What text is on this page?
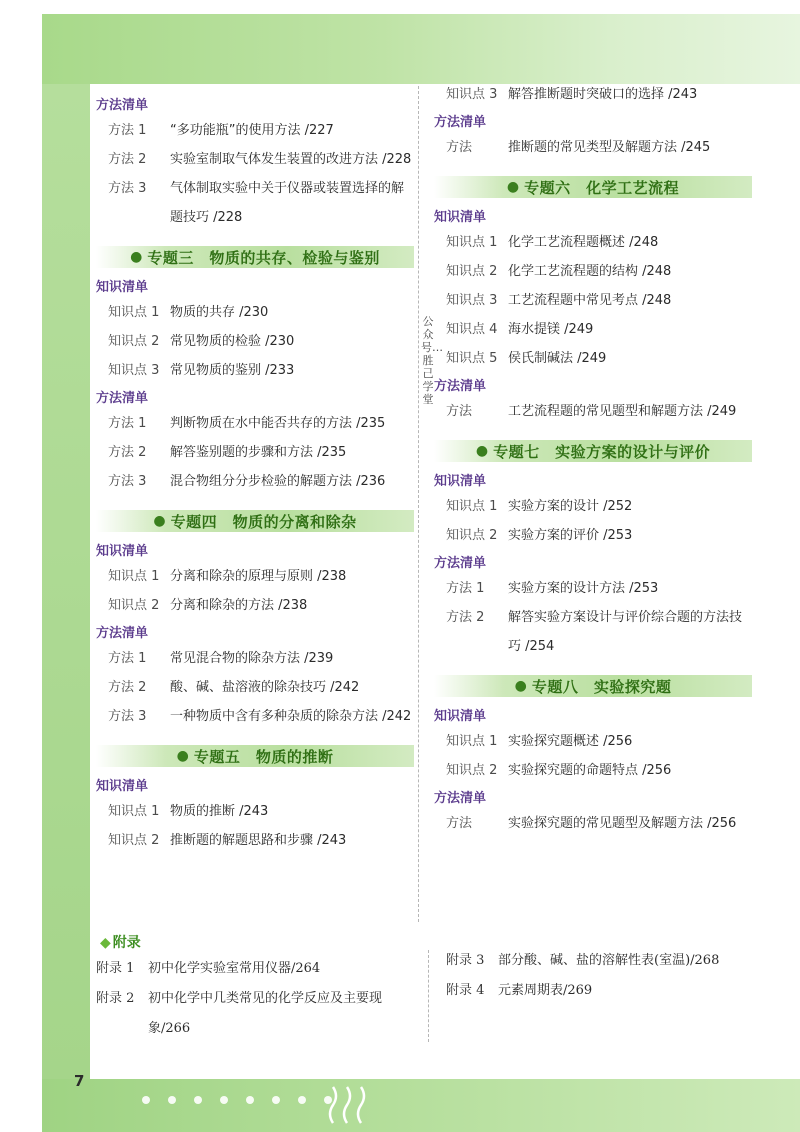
7
公众号…胜己学堂
方法清单
方法 1 “多功能瓶”的使用方法 /227
方法 2 实验室制取气体发生装置的改进方法 /228
方法 3 气体制取实验中关于仪器或装置选择的解题技巧 /228
● 专题三　物质的共存、检验与鉴别
知识清单
知识点 1 物质的共存 /230
知识点 2 常见物质的检验 /230
知识点 3 常见物质的鉴别 /233
方法清单
方法 1 判断物质在水中能否共存的方法 /235
方法 2 解答鉴别题的步骤和方法 /235
方法 3 混合物组分分步检验的解题方法 /236
● 专题四　物质的分离和除杂
知识清单
知识点 1 分离和除杂的原理与原则 /238
知识点 2 分离和除杂的方法 /238
方法清单
方法 1 常见混合物的除杂方法 /239
方法 2 酸、碱、盐溶液的除杂技巧 /242
方法 3 一种物质中含有多种杂质的除杂方法 /242
● 专题五　物质的推断
知识清单
知识点 1 物质的推断 /243
知识点 2 推断题的解题思路和步骤 /243
知识点 3 解答推断题时突破口的选择 /243
方法清单
方法	推断题的常见类型及解题方法 /245
● 专题六　化学工艺流程
知识清单
知识点 1 化学工艺流程题概述 /248
知识点 2 化学工艺流程题的结构 /248
知识点 3 工艺流程题中常见考点 /248
知识点 4 海水提镁 /249
知识点 5 侯氏制碱法 /249
方法清单
方法	工艺流程题的常见题型和解题方法 /249
● 专题七　实验方案的设计与评价
知识清单
知识点 1 实验方案的设计 /252
知识点 2 实验方案的评价 /253
方法清单
方法 1 实验方案的设计方法 /253
方法 2 解答实验方案设计与评价综合题的方法技巧 /254
● 专题八　实验探究题
知识清单
知识点 1 实验探究题概述 /256
知识点 2 实验探究题的命题特点 /256
方法清单
方法	实验探究题的常见题型及解题方法 /256
◆ 附录
附录 1 初中化学实验室常用仪器/264
附录 2 初中化学中几类常见的化学反应及主要现象/266
附录 3 部分酸、碱、盐的溶解性表(室温)/268
附录 4 元素周期表/269
